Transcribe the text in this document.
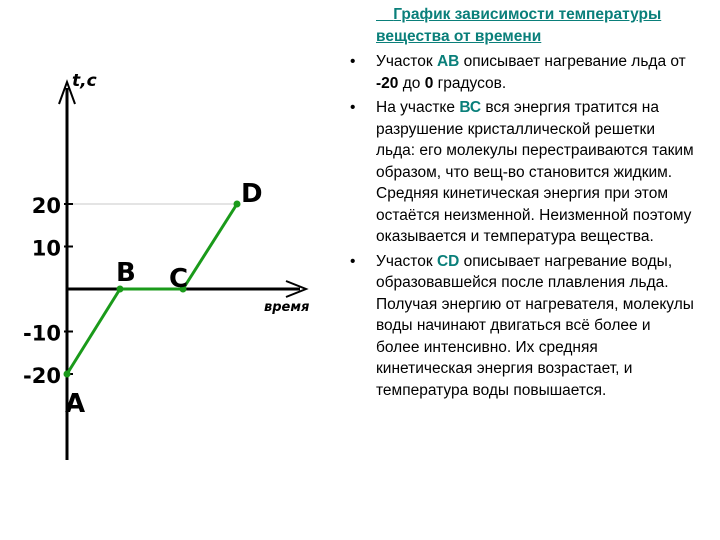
20
10
-10
-20
A
B C
D
t,c
время
График зависимости температуры вещества от времени
• Участок АВ описывает нагревание льда от -20 до 0 градусов.
• На участке ВС вся энергия тратится на разрушение кристаллической решетки льда: его молекулы перестраиваются таким образом, что вещ-во становится жидким. Средняя кинетическая энергия при этом остаётся неизменной. Неизменной поэтому оказывается и температура вещества.
• Участок CD описывает нагревание воды, образовавшейся после плавления льда. Получая энергию от нагревателя, молекулы воды начинают двигаться всё более и более интенсивно. Их средняя кинетическая энергия возрастает, и температура воды повышается.
